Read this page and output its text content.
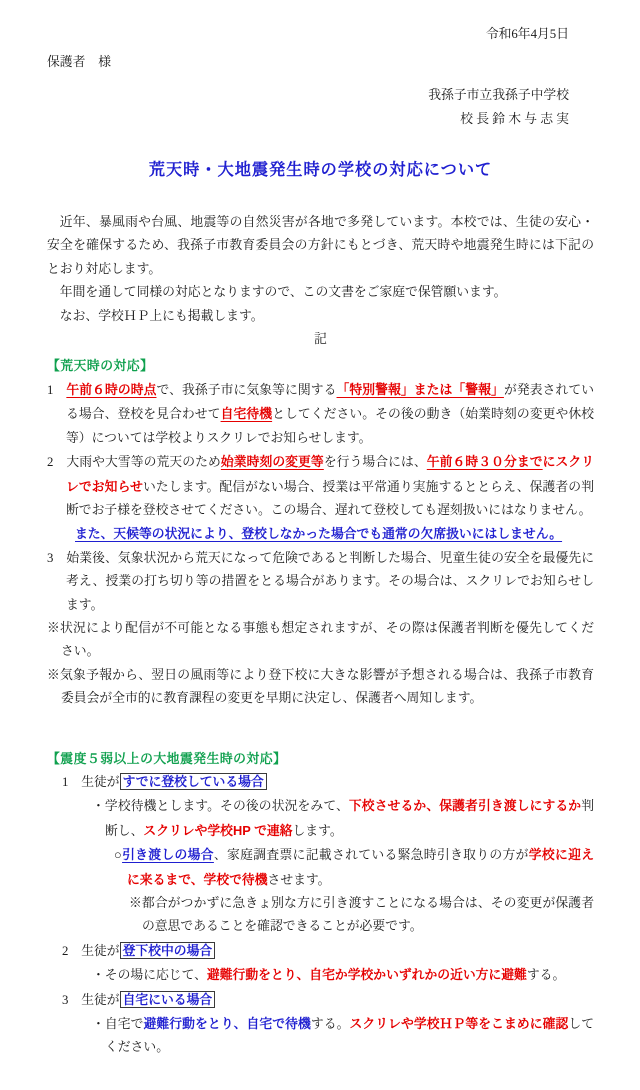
令和6年4月5日
保護者　様
我孫子市立我孫子中学校
校 長 鈴 木 与 志 実
荒天時・大地震発生時の学校の対応について
近年、暴風雨や台風、地震等の自然災害が各地で多発しています。本校では、生徒の安心・安全を確保するため、我孫子市教育委員会の方針にもとづき、荒天時や地震発生時には下記のとおり対応します。
年間を通して同様の対応となりますので、この文書をご家庭で保管願います。
なお、学校ＨＰ上にも掲載します。
記
【荒天時の対応】
1　午前６時の時点で、我孫子市に気象等に関する「特別警報」または「警報」が発表されている場合、登校を見合わせて自宅待機としてください。その後の動き（始業時刻の変更や休校等）については学校よりスクリレでお知らせします。
2　大雨や大雪等の荒天のため始業時刻の変更等を行う場合には、午前６時３０分までにスクリレでお知らせいたします。配信がない場合、授業は平常通り実施するととらえ、保護者の判断でお子様を登校させてください。この場合、遅れて登校しても遅刻扱いにはなりません。
また、天候等の状況により、登校しなかった場合でも通常の欠席扱いにはしません。
3　始業後、気象状況から荒天になって危険であると判断した場合、児童生徒の安全を最優先に考え、授業の打ち切り等の措置をとる場合があります。その場合は、スクリレでお知らせします。
※状況により配信が不可能となる事態も想定されますが、その際は保護者判断を優先してください。
※気象予報から、翌日の風雨等により登下校に大きな影響が予想される場合は、我孫子市教育委員会が全市的に教育課程の変更を早期に決定し、保護者へ周知します。
【震度５弱以上の大地震発生時の対応】
1　生徒が すでに登校している場合
・学校待機とします。その後の状況をみて、下校させるか、保護者引き渡しにするか判断し、スクリレや学校HP で連絡します。
○引き渡しの場合、家庭調査票に記載されている緊急時引き取りの方が学校に迎えに来るまで、学校で待機させます。
※都合がつかずに急きょ別な方に引き渡すことになる場合は、その変更が保護者の意思であることを確認できることが必要です。
2　生徒が 登下校中の場合
・その場に応じて、避難行動をとり、自宅か学校かいずれかの近い方に避難する。
3　生徒が 自宅にいる場合
・自宅で避難行動をとり、自宅で待機する。スクリレや学校ＨＰ等をこまめに確認してください。
